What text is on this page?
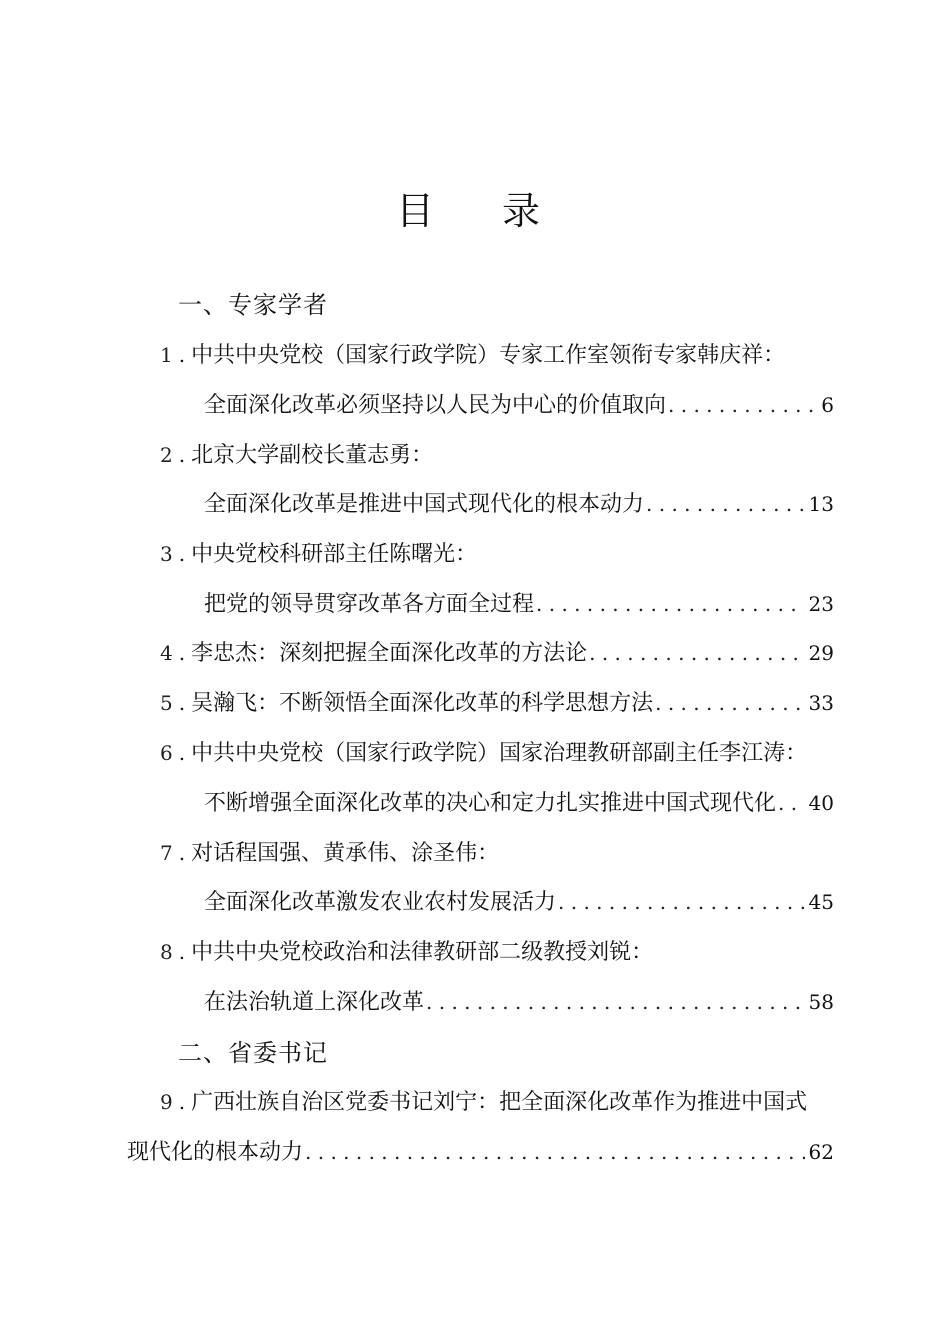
目 录
一、专家学者
1 . 中共中央党校（国家行政学院）专家工作室领衔专家韩庆祥：
全面深化改革必须坚持以人民为中心的价值取向 . . .	6
2 . 北京大学副校长董志勇：
全面深化改革是推进中国式现代化的根本动力 . . .	13
3 . 中央党校科研部主任陈曙光：
把党的领导贯穿改革各方面全过程 . . .	23
4 . 李忠杰：深刻把握全面深化改革的方法论 . . .	29
5 . 吴瀚飞：不断领悟全面深化改革的科学思想方法 . . .	33
6 . 中共中央党校（国家行政学院）国家治理教研部副主任李江涛：
不断增强全面深化改革的决心和定力扎实推进中国式现代化 . . . 40
7 . 对话程国强、黄承伟、涂圣伟：
全面深化改革激发农业农村发展活力 . . .	45
8 . 中共中央党校政治和法律教研部二级教授刘锐：
在法治轨道上深化改革 . . .	58
二、省委书记
9 . 广西壮族自治区党委书记刘宁：把全面深化改革作为推进中国式
现代化的根本动力 . . .	62
